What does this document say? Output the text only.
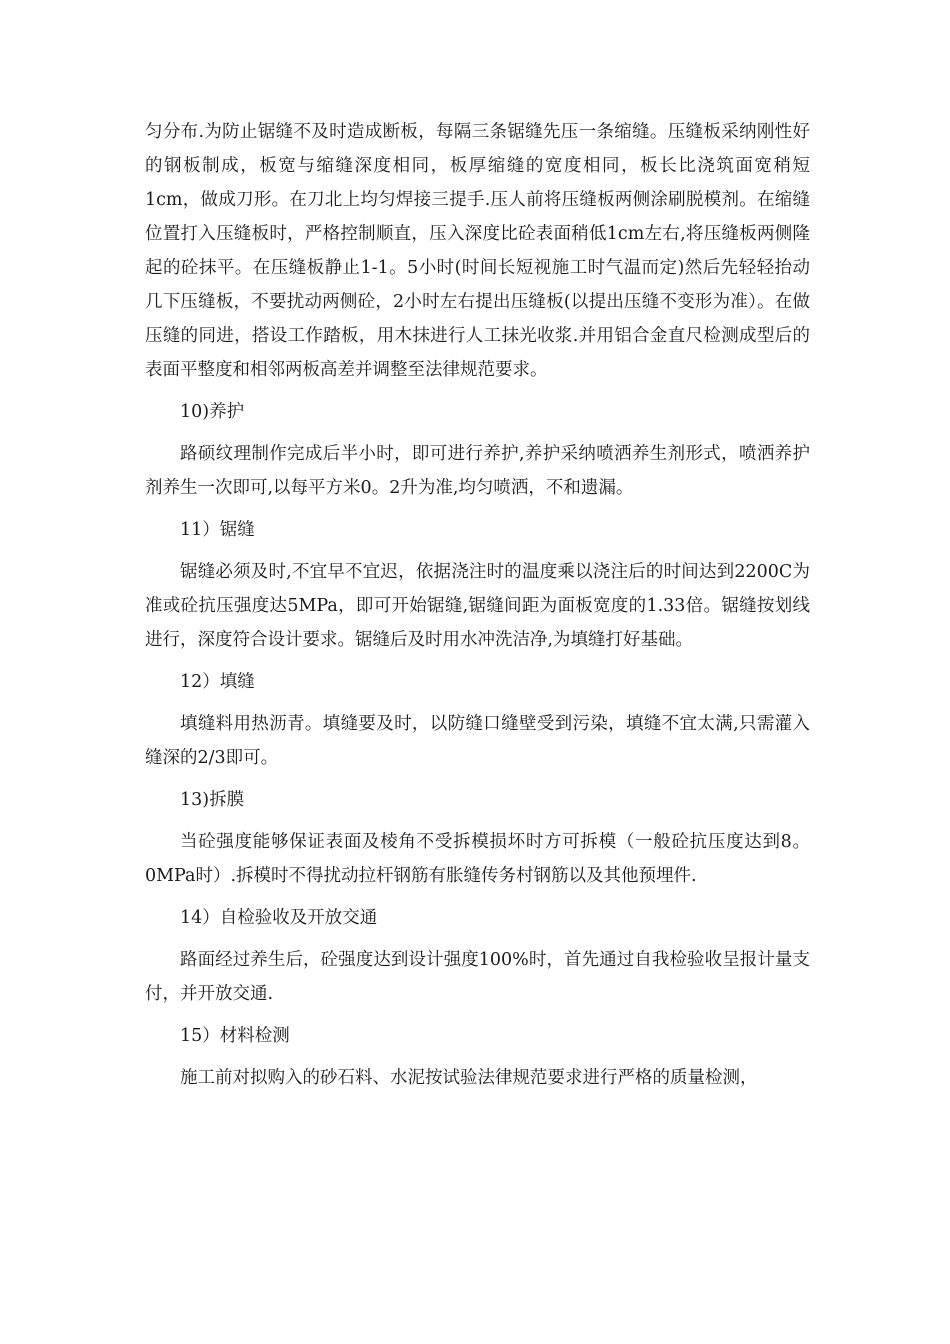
匀分布.为防止锯缝不及时造成断板，每隔三条锯缝先压一条缩缝。压缝板采纳刚性好的钢板制成，板宽与缩缝深度相同，板厚缩缝的宽度相同，板长比浇筑面宽稍短1cm，做成刀形。在刀北上均匀焊接三提手.压人前将压缝板两侧涂刷脱模剂。在缩缝位置打入压缝板时，严格控制顺直，压入深度比砼表面稍低1cm左右,将压缝板两侧隆起的砼抹平。在压缝板静止1-1。5小时(时间长短视施工时气温而定)然后先轻轻抬动几下压缝板，不要扰动两侧砼，2小时左右提出压缝板(以提出压缝不变形为准）。在做压缝的同进，搭设工作踏板，用木抹进行人工抹光收浆.并用铝合金直尺检测成型后的表面平整度和相邻两板高差并调整至法律规范要求。

10)养护

路硕纹理制作完成后半小时，即可进行养护,养护采纳喷洒养生剂形式，喷洒养护剂养生一次即可,以每平方米0。2升为准,均匀喷洒，不和遗漏。

11）锯缝

锯缝必须及时,不宜早不宜迟，依据浇注时的温度乘以浇注后的时间达到2200C为准或砼抗压强度达5MPa，即可开始锯缝,锯缝间距为面板宽度的1.33倍。锯缝按划线进行，深度符合设计要求。锯缝后及时用水冲洗洁净,为填缝打好基础。

12）填缝

填缝料用热沥青。填缝要及时，以防缝口缝壁受到污染，填缝不宜太满,只需灌入缝深的2/3即可。

13)拆膜

当砼强度能够保证表面及棱角不受拆模损坏时方可拆模（一般砼抗压度达到8。0MPa时）.拆模时不得扰动拉杆钢筋有胀缝传务村钢筋以及其他预埋件.

14）自检验收及开放交通

路面经过养生后，砼强度达到设计强度100%时，首先通过自我检验收呈报计量支付，并开放交通.

15）材料检测

施工前对拟购入的砂石料、水泥按试验法律规范要求进行严格的质量检测，
